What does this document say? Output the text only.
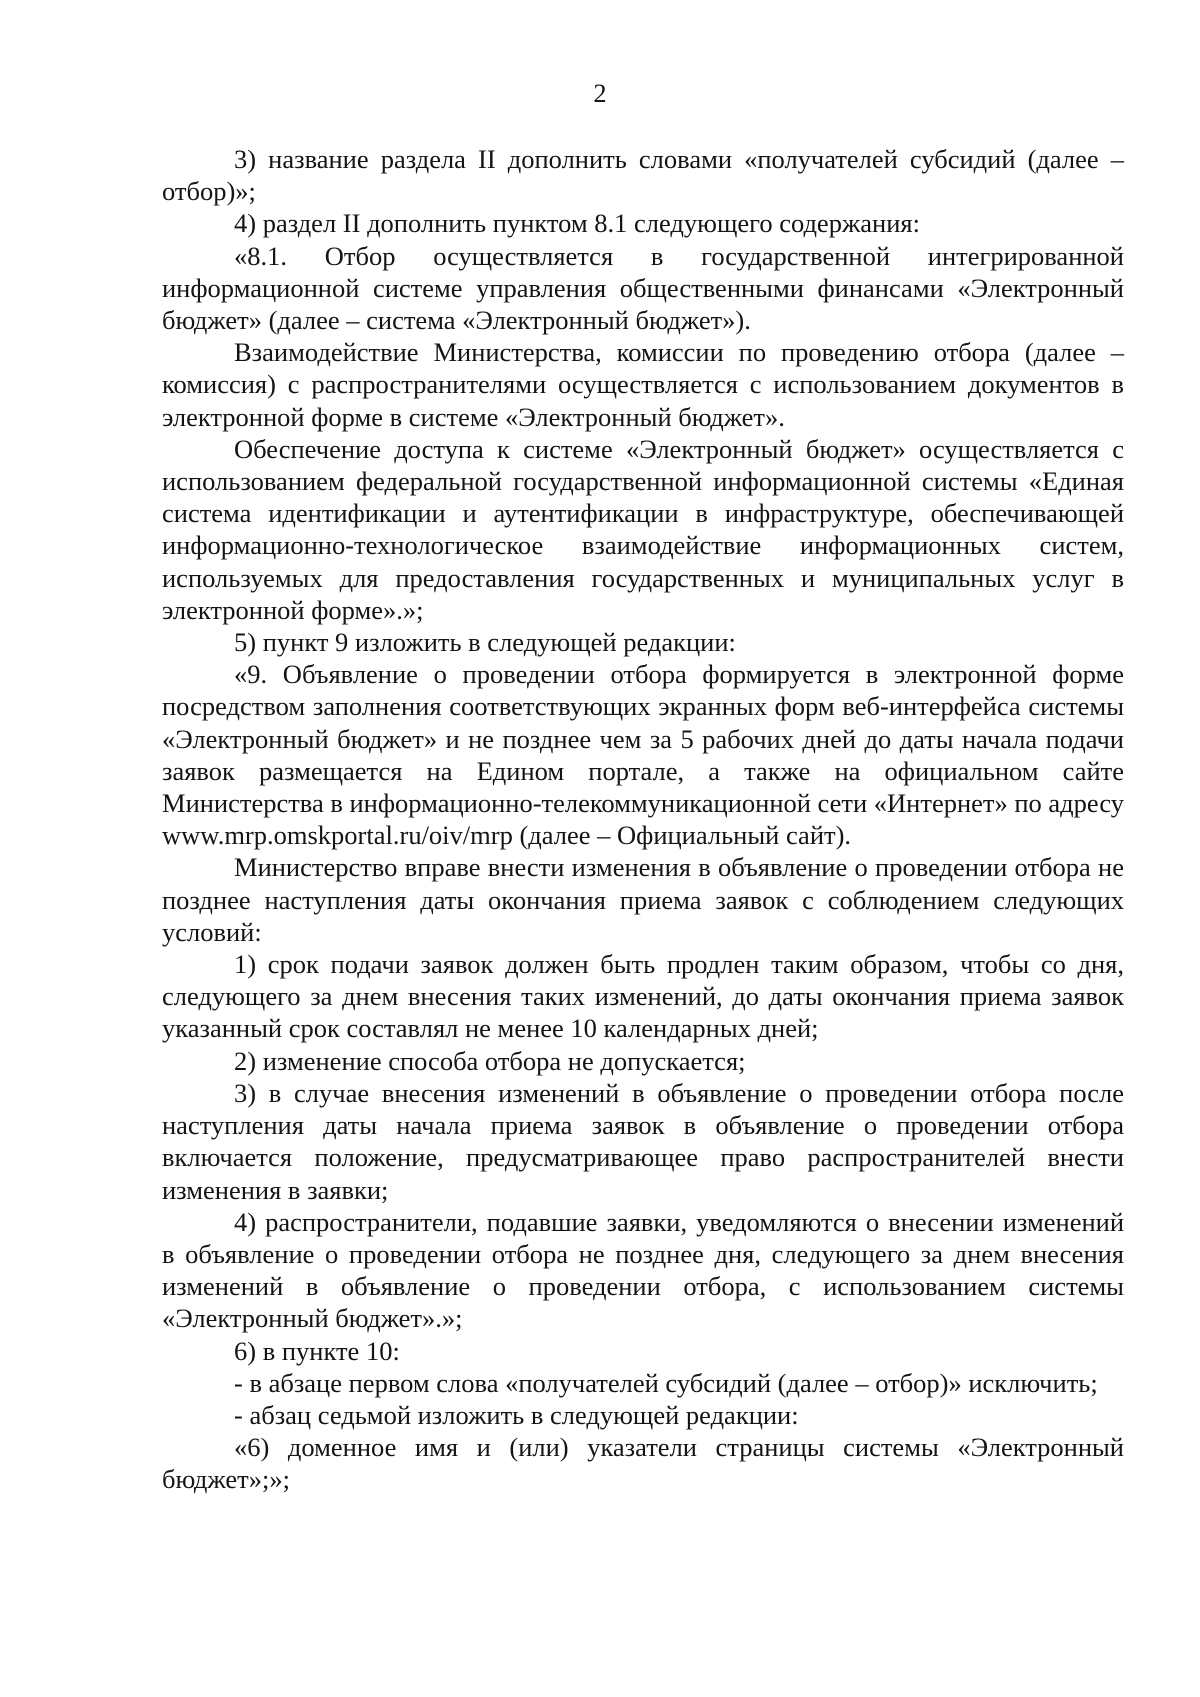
2

3) название раздела II дополнить словами «получателей субсидий (далее – отбор)»;

4) раздел II дополнить пунктом 8.1 следующего содержания:

«8.1. Отбор осуществляется в государственной интегрированной информационной системе управления общественными финансами «Электронный бюджет» (далее – система «Электронный бюджет»).

Взаимодействие Министерства, комиссии по проведению отбора (далее – комиссия) с распространителями осуществляется с использованием документов в электронной форме в системе «Электронный бюджет».

Обеспечение доступа к системе «Электронный бюджет» осуществляется с использованием федеральной государственной информационной системы «Единая система идентификации и аутентификации в инфраструктуре, обеспечивающей информационно-технологическое взаимодействие информационных систем, используемых для предоставления государственных и муниципальных услуг в электронной форме».»;

5) пункт 9 изложить в следующей редакции:

«9. Объявление о проведении отбора формируется в электронной форме посредством заполнения соответствующих экранных форм веб-интерфейса системы «Электронный бюджет» и не позднее чем за 5 рабочих дней до даты начала подачи заявок размещается на Едином портале, а также на официальном сайте Министерства в информационно-телекоммуникационной сети «Интернет» по адресу www.mrp.omskportal.ru/oiv/mrp (далее – Официальный сайт).

Министерство вправе внести изменения в объявление о проведении отбора не позднее наступления даты окончания приема заявок с соблюдением следующих условий:

1) срок подачи заявок должен быть продлен таким образом, чтобы со дня, следующего за днем внесения таких изменений, до даты окончания приема заявок указанный срок составлял не менее 10 календарных дней;

2) изменение способа отбора не допускается;

3) в случае внесения изменений в объявление о проведении отбора после наступления даты начала приема заявок в объявление о проведении отбора включается положение, предусматривающее право распространителей внести изменения в заявки;

4) распространители, подавшие заявки, уведомляются о внесении изменений в объявление о проведении отбора не позднее дня, следующего за днем внесения изменений в объявление о проведении отбора, с использованием системы «Электронный бюджет».»;

6) в пункте 10:

- в абзаце первом слова «получателей субсидий (далее – отбор)» исключить;

- абзац седьмой изложить в следующей редакции:

«6) доменное имя и (или) указатели страницы системы «Электронный бюджет»;»;
